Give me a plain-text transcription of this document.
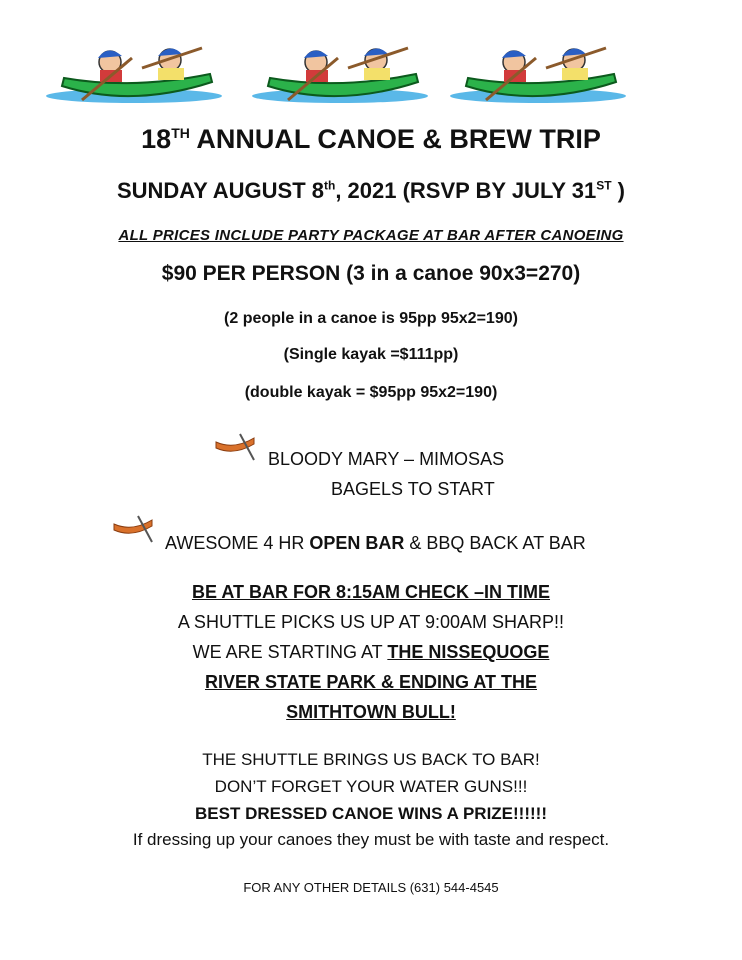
18TH ANNUAL CANOE & BREW TRIP
SUNDAY AUGUST 8th, 2021 (RSVP BY JULY 31ST )
ALL PRICES INCLUDE PARTY PACKAGE AT BAR AFTER CANOEING
$90 PER PERSON (3 in a canoe 90x3=270)
(2 people in a canoe is 95pp 95x2=190)
(Single kayak =$111pp)
(double kayak = $95pp 95x2=190)
BLOODY MARY – MIMOSAS
BAGELS TO START
AWESOME 4 HR OPEN BAR & BBQ BACK AT BAR
BE AT BAR FOR 8:15AM CHECK –IN TIME
A SHUTTLE PICKS US UP AT 9:00AM SHARP!!
WE ARE STARTING AT THE NISSEQUOGE
RIVER STATE PARK & ENDING AT THE
SMITHTOWN BULL!
THE SHUTTLE BRINGS US BACK TO BAR!
DON’T FORGET YOUR WATER GUNS!!!
BEST DRESSED CANOE WINS A PRIZE!!!!!!
If dressing up your canoes they must be with taste and respect.
FOR ANY OTHER DETAILS (631) 544-4545
